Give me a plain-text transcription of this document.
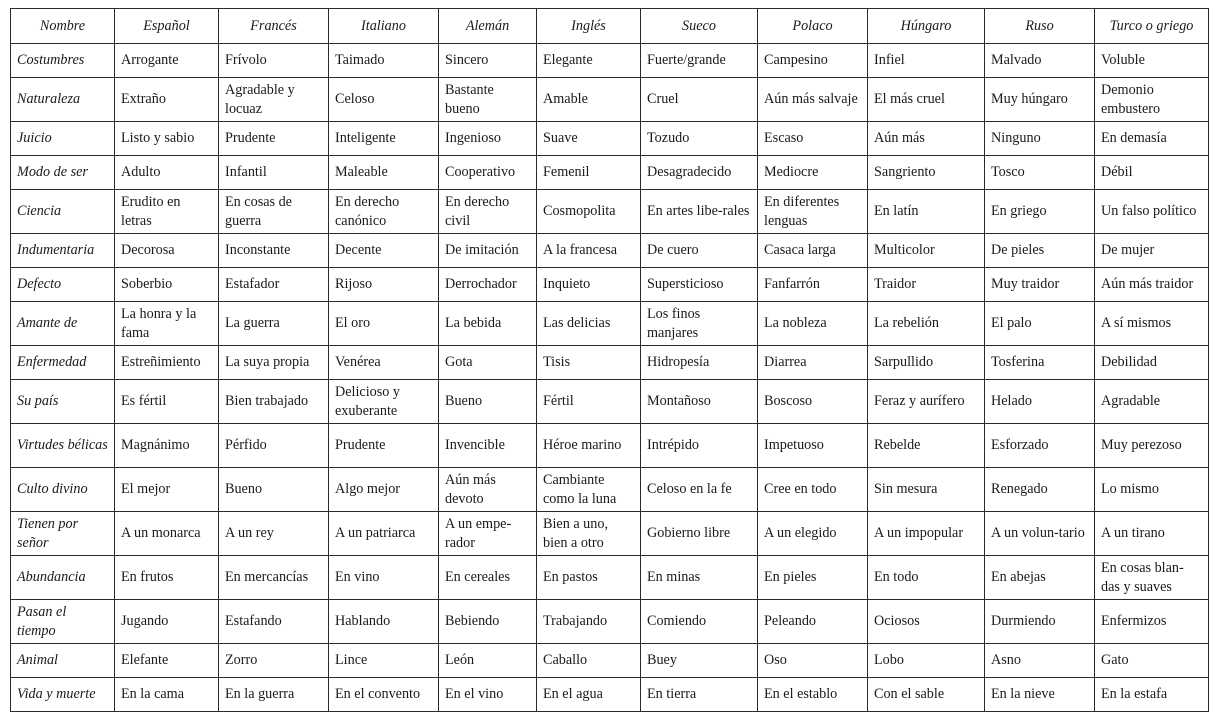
Nombre	Español	Francés	Italiano	Alemán	Inglés	Sueco	Polaco	Húngaro	Ruso	Turco o griego
Costumbres	Arrogante	Frívolo	Taimado	Sincero	Elegante	Fuerte/grande	Campesino	Infiel	Malvado	Voluble
Naturaleza	Extraño	Agradable y locuaz	Celoso	Bastante bueno	Amable	Cruel	Aún más salvaje	El más cruel	Muy húngaro	Demonio embustero
Juicio	Listo y sabio	Prudente	Inteligente	Ingenioso	Suave	Tozudo	Escaso	Aún más	Ninguno	En demasía
Modo de ser	Adulto	Infantil	Maleable	Cooperativo	Femenil	Desagradecido	Mediocre	Sangriento	Tosco	Débil
Ciencia	Erudito en letras	En cosas de guerra	En derecho canónico	En derecho civil	Cosmopolita	En artes libe-rales	En diferentes lenguas	En latín	En griego	Un falso político
Indumentaria	Decorosa	Inconstante	Decente	De imitación	A la francesa	De cuero	Casaca larga	Multicolor	De pieles	De mujer
Defecto	Soberbio	Estafador	Rijoso	Derrochador	Inquieto	Supersticioso	Fanfarrón	Traidor	Muy traidor	Aún más traidor
Amante de	La honra y la fama	La guerra	El oro	La bebida	Las delicias	Los finos manjares	La nobleza	La rebelión	El palo	A sí mismos
Enfermedad	Estreñimiento	La suya propia	Venérea	Gota	Tisis	Hidropesía	Diarrea	Sarpullido	Tosferina	Debilidad
Su país	Es fértil	Bien trabajado	Delicioso y exuberante	Bueno	Fértil	Montañoso	Boscoso	Feraz y aurífero	Helado	Agradable
Virtudes bélicas	Magnánimo	Pérfido	Prudente	Invencible	Héroe marino	Intrépido	Impetuoso	Rebelde	Esforzado	Muy perezoso
Culto divino	El mejor	Bueno	Algo mejor	Aún más devoto	Cambiante como la luna	Celoso en la fe	Cree en todo	Sin mesura	Renegado	Lo mismo
Tienen por señor	A un monarca	A un rey	A un patriarca	A un empe-rador	Bien a uno, bien a otro	Gobierno libre	A un elegido	A un impopular	A un volun-tario	A un tirano
Abundancia	En frutos	En mercancías	En vino	En cereales	En pastos	En minas	En pieles	En todo	En abejas	En cosas blan-das y suaves
Pasan el tiempo	Jugando	Estafando	Hablando	Bebiendo	Trabajando	Comiendo	Peleando	Ociosos	Durmiendo	Enfermizos
Animal	Elefante	Zorro	Lince	León	Caballo	Buey	Oso	Lobo	Asno	Gato
Vida y muerte	En la cama	En la guerra	En el convento	En el vino	En el agua	En tierra	En el establo	Con el sable	En la nieve	En la estafa
